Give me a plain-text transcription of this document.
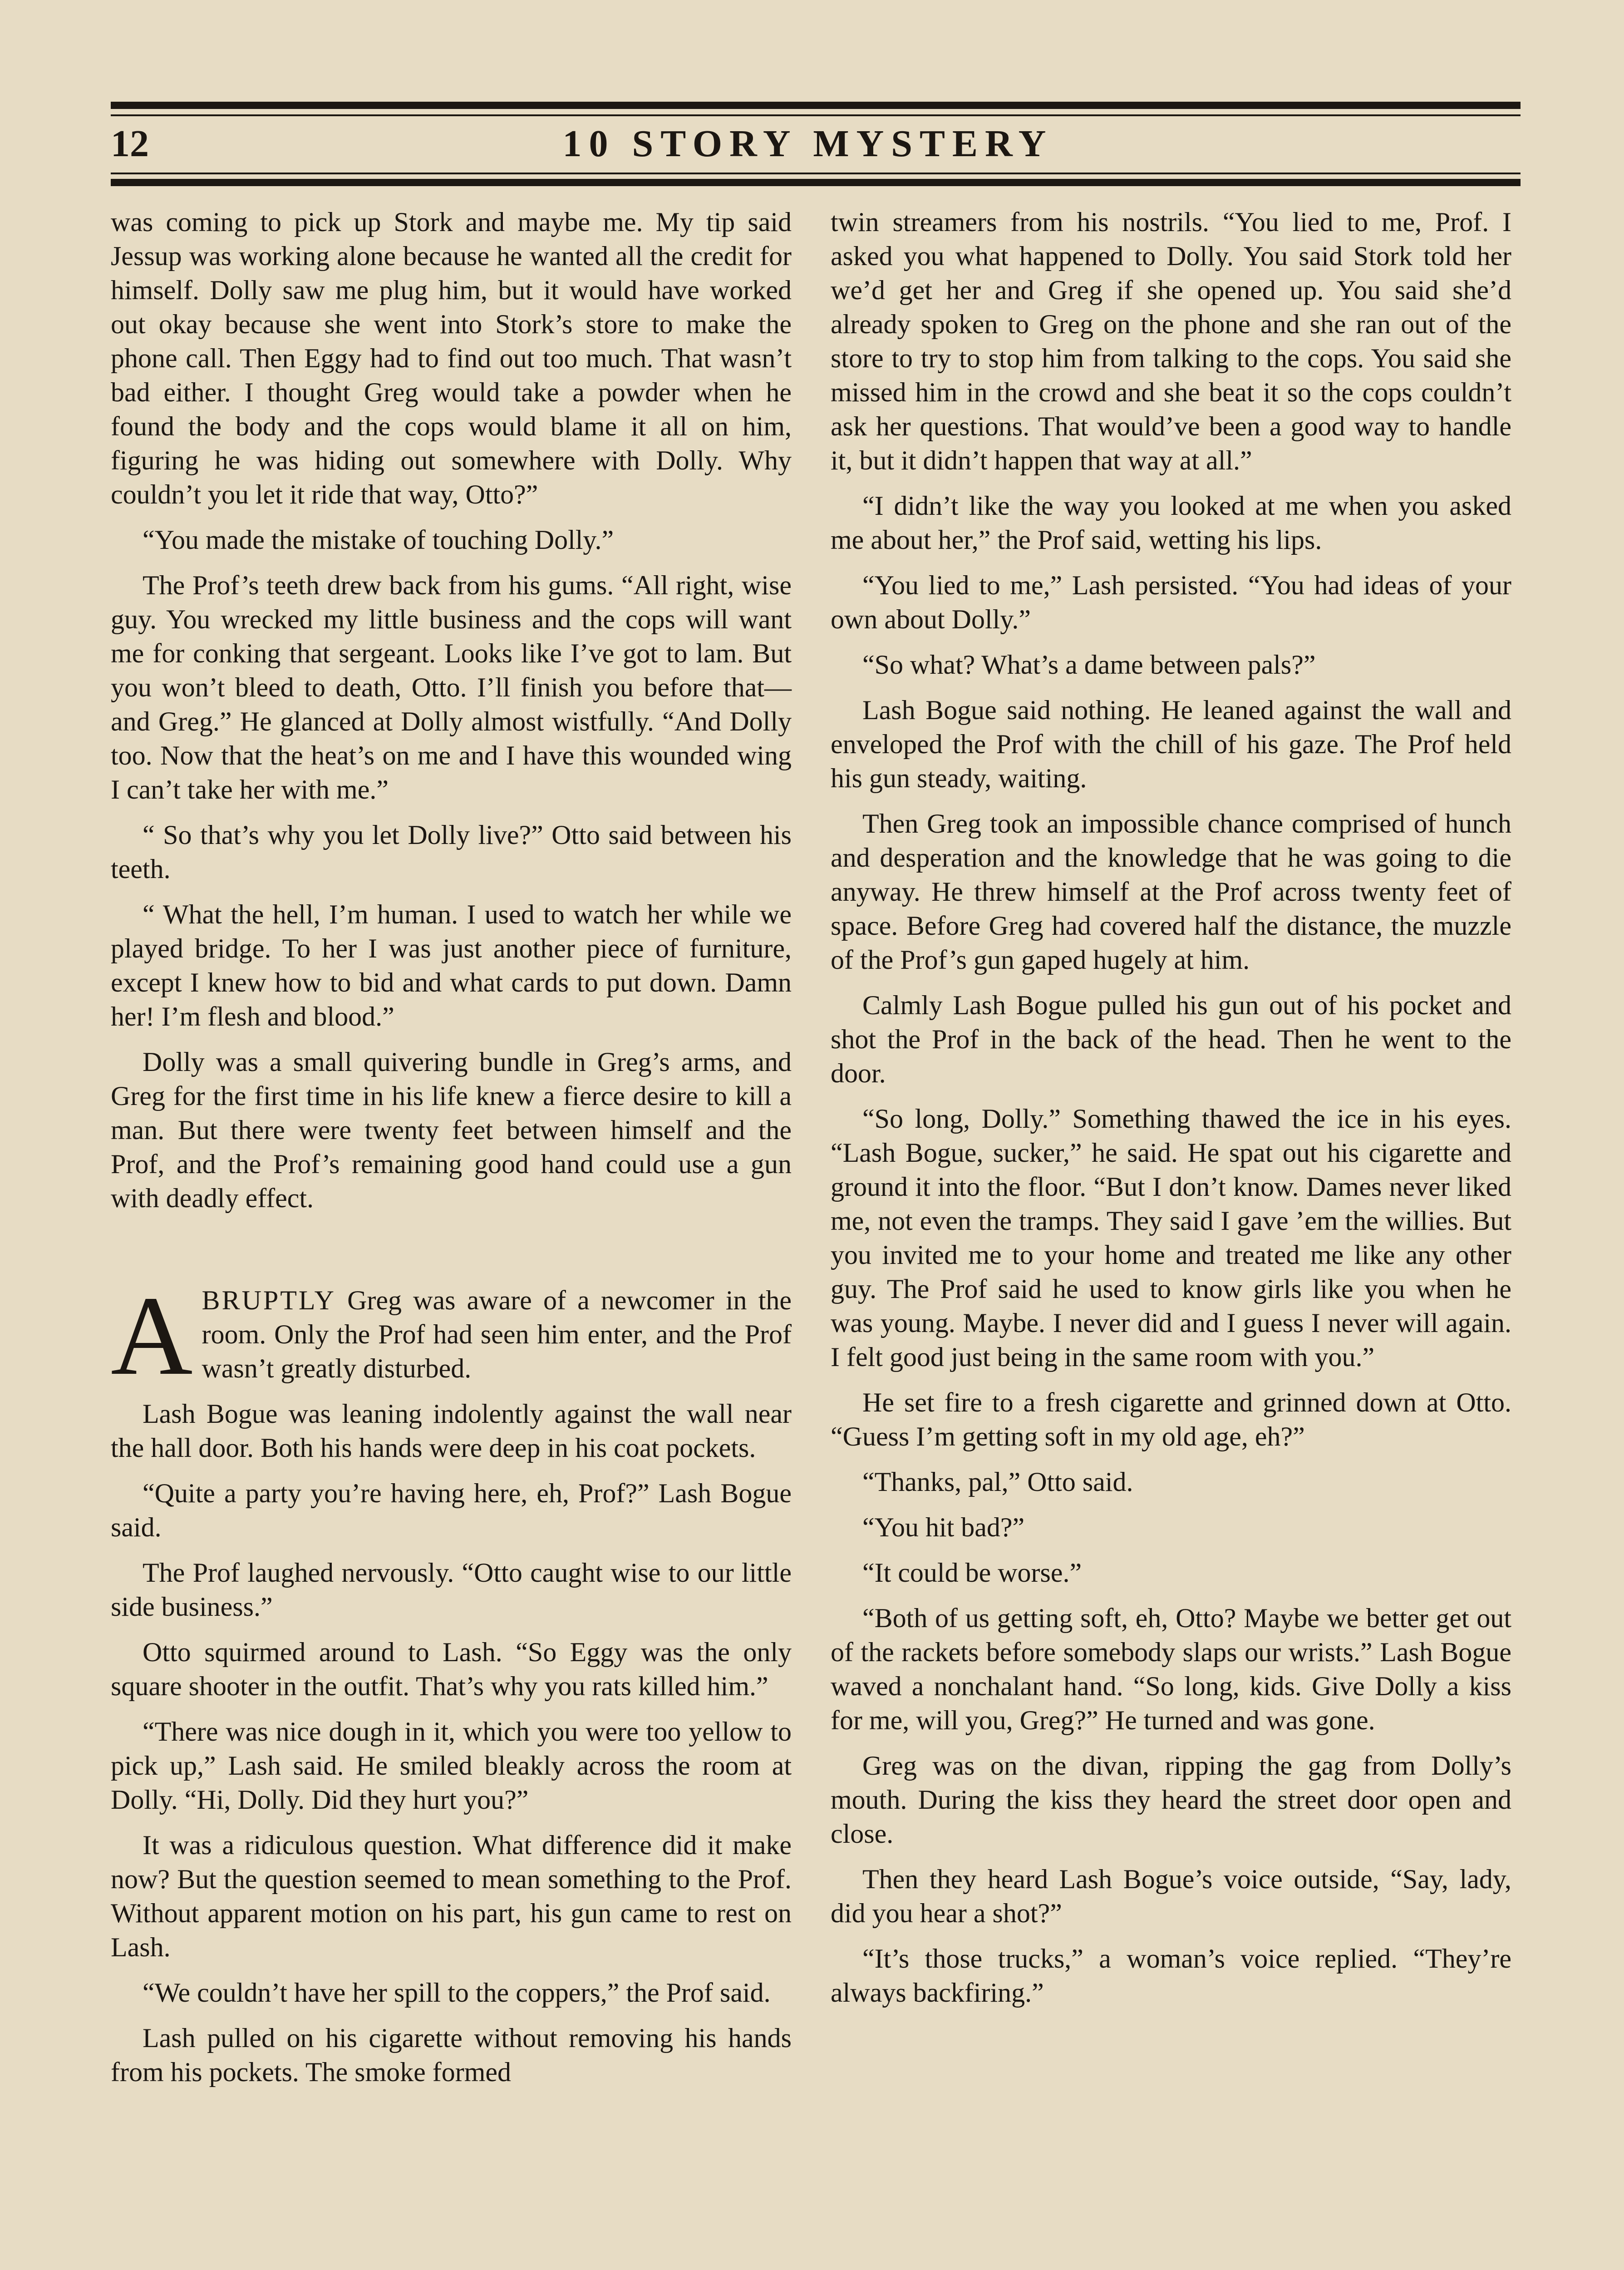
12	10 STORY MYSTERY

was coming to pick up Stork and maybe me. My tip said Jessup was working alone because he wanted all the credit for himself. Dolly saw me plug him, but it would have worked out okay because she went into Stork’s store to make the phone call. Then Eggy had to find out too much. That wasn’t bad either. I thought Greg would take a powder when he found the body and the cops would blame it all on him, figuring he was hiding out somewhere with Dolly. Why couldn’t you let it ride that way, Otto?”

“You made the mistake of touching Dolly.”

The Prof’s teeth drew back from his gums. “All right, wise guy. You wrecked my little business and the cops will want me for conking that sergeant. Looks like I’ve got to lam. But you won’t bleed to death, Otto. I’ll finish you before that—and Greg.” He glanced at Dolly almost wistfully. “And Dolly too. Now that the heat’s on me and I have this wounded wing I can’t take her with me.”

“ So that’s why you let Dolly live?” Otto said between his teeth.

“ What the hell, I’m human. I used to watch her while we played bridge. To her I was just another piece of furniture, except I knew how to bid and what cards to put down. Damn her! I’m flesh and blood.”

Dolly was a small quivering bundle in Greg’s arms, and Greg for the first time in his life knew a fierce desire to kill a man. But there were twenty feet between himself and the Prof, and the Prof’s remaining good hand could use a gun with deadly effect.

ABRUPTLY Greg was aware of a newcomer in the room. Only the Prof had seen him enter, and the Prof wasn’t greatly disturbed.

Lash Bogue was leaning indolently against the wall near the hall door. Both his hands were deep in his coat pockets.

“Quite a party you’re having here, eh, Prof?” Lash Bogue said.

The Prof laughed nervously. “Otto caught wise to our little side business.”

Otto squirmed around to Lash. “So Eggy was the only square shooter in the outfit. That’s why you rats killed him.”

“There was nice dough in it, which you were too yellow to pick up,” Lash said. He smiled bleakly across the room at Dolly. “Hi, Dolly. Did they hurt you?”

It was a ridiculous question. What difference did it make now? But the question seemed to mean something to the Prof. Without apparent motion on his part, his gun came to rest on Lash.

“We couldn’t have her spill to the coppers,” the Prof said.

Lash pulled on his cigarette without removing his hands from his pockets. The smoke formed

twin streamers from his nostrils. “You lied to me, Prof. I asked you what happened to Dolly. You said Stork told her we’d get her and Greg if she opened up. You said she’d already spoken to Greg on the phone and she ran out of the store to try to stop him from talking to the cops. You said she missed him in the crowd and she beat it so the cops couldn’t ask her questions. That would’ve been a good way to handle it, but it didn’t happen that way at all.”

“I didn’t like the way you looked at me when you asked me about her,” the Prof said, wetting his lips.

“You lied to me,” Lash persisted. “You had ideas of your own about Dolly.”

“So what? What’s a dame between pals?”

Lash Bogue said nothing. He leaned against the wall and enveloped the Prof with the chill of his gaze. The Prof held his gun steady, waiting.

Then Greg took an impossible chance comprised of hunch and desperation and the knowledge that he was going to die anyway. He threw himself at the Prof across twenty feet of space. Before Greg had covered half the distance, the muzzle of the Prof’s gun gaped hugely at him.

Calmly Lash Bogue pulled his gun out of his pocket and shot the Prof in the back of the head. Then he went to the door.

“So long, Dolly.” Something thawed the ice in his eyes. “Lash Bogue, sucker,” he said. He spat out his cigarette and ground it into the floor. “But I don’t know. Dames never liked me, not even the tramps. They said I gave ’em the willies. But you invited me to your home and treated me like any other guy. The Prof said he used to know girls like you when he was young. Maybe. I never did and I guess I never will again. I felt good just being in the same room with you.”

He set fire to a fresh cigarette and grinned down at Otto. “Guess I’m getting soft in my old age, eh?”

“Thanks, pal,” Otto said.

“You hit bad?”

“It could be worse.”

“Both of us getting soft, eh, Otto? Maybe we better get out of the rackets before somebody slaps our wrists.” Lash Bogue waved a nonchalant hand. “So long, kids. Give Dolly a kiss for me, will you, Greg?” He turned and was gone.

Greg was on the divan, ripping the gag from Dolly’s mouth. During the kiss they heard the street door open and close.

Then they heard Lash Bogue’s voice outside, “Say, lady, did you hear a shot?”

“It’s those trucks,” a woman’s voice replied. “They’re always backfiring.”
